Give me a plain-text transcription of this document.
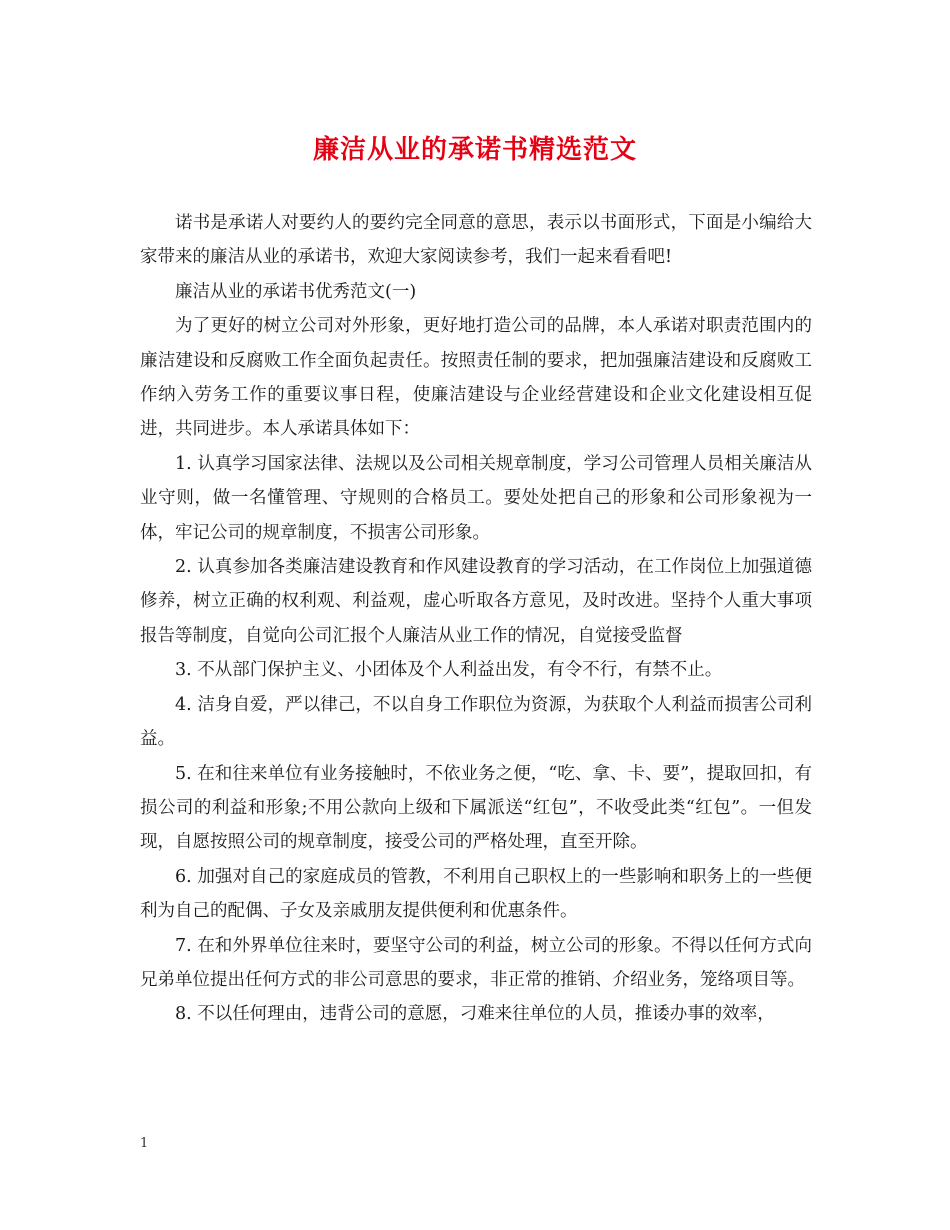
廉洁从业的承诺书精选范文

诺书是承诺人对要约人的要约完全同意的意思，表示以书面形式，下面是小编给大家带来的廉洁从业的承诺书，欢迎大家阅读参考，我们一起来看看吧!

廉洁从业的承诺书优秀范文(一)

为了更好的树立公司对外形象，更好地打造公司的品牌，本人承诺对职责范围内的廉洁建设和反腐败工作全面负起责任。按照责任制的要求，把加强廉洁建设和反腐败工作纳入劳务工作的重要议事日程，使廉洁建设与企业经营建设和企业文化建设相互促进，共同进步。本人承诺具体如下：

1. 认真学习国家法律、法规以及公司相关规章制度，学习公司管理人员相关廉洁从业守则，做一名懂管理、守规则的合格员工。要处处把自己的形象和公司形象视为一体，牢记公司的规章制度，不损害公司形象。

2. 认真参加各类廉洁建设教育和作风建设教育的学习活动，在工作岗位上加强道德修养，树立正确的权利观、利益观，虚心听取各方意见，及时改进。坚持个人重大事项报告等制度，自觉向公司汇报个人廉洁从业工作的情况，自觉接受监督

3. 不从部门保护主义、小团体及个人利益出发，有令不行，有禁不止。

4. 洁身自爱，严以律己，不以自身工作职位为资源，为获取个人利益而损害公司利益。

5. 在和往来单位有业务接触时，不依业务之便，“吃、拿、卡、要”，提取回扣，有损公司的利益和形象;不用公款向上级和下属派送“红包”，不收受此类“红包”。一但发现，自愿按照公司的规章制度，接受公司的严格处理，直至开除。

6. 加强对自己的家庭成员的管教，不利用自己职权上的一些影响和职务上的一些便利为自己的配偶、子女及亲戚朋友提供便利和优惠条件。

7. 在和外界单位往来时，要坚守公司的利益，树立公司的形象。不得以任何方式向兄弟单位提出任何方式的非公司意思的要求，非正常的推销、介绍业务，笼络项目等。

8. 不以任何理由，违背公司的意愿，刁难来往单位的人员，推诿办事的效率，

1
